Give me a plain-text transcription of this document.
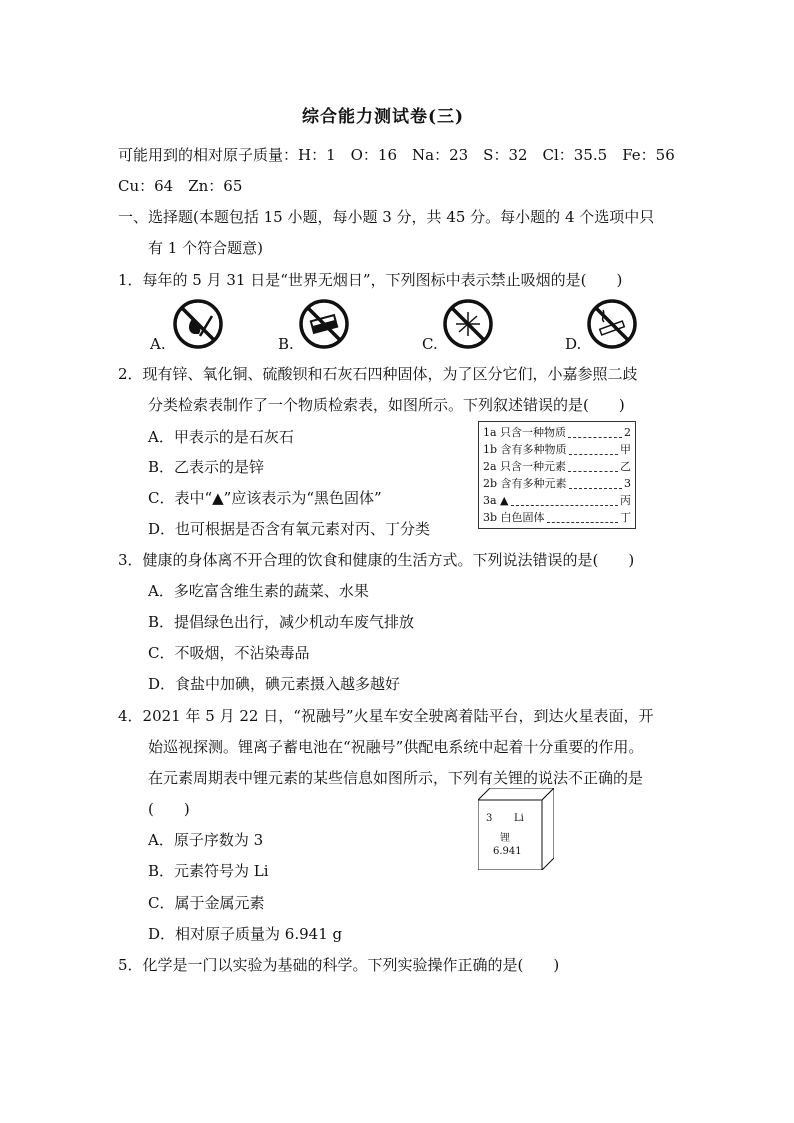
综合能力测试卷(三)
可能用到的相对原子质量：H：1　O：16　Na：23　S：32　Cl：35.5　Fe：56
Cu：64　Zn：65
一、选择题(本题包括 15 小题，每小题 3 分，共 45 分。每小题的 4 个选项中只
有 1 个符合题意)
1．每年的 5 月 31 日是“世界无烟日”，下列图标中表示禁止吸烟的是(　　)
A.	B.	C.	D.
2．现有锌、氧化铜、硫酸钡和石灰石四种固体，为了区分它们，小嘉参照二歧
分类检索表制作了一个物质检索表，如图所示。下列叙述错误的是(　　)
A．甲表示的是石灰石
B．乙表示的是锌
C．表中“▲”应该表示为“黑色固体”
D．也可根据是否含有氧元素对丙、丁分类
1a 只含一种物质	2
1b 含有多种物质	甲
2a 只含一种元素	乙
2b 含有多种元素	3
3a ▲	丙
3b 白色固体	丁
3．健康的身体离不开合理的饮食和健康的生活方式。下列说法错误的是(　　)
A．多吃富含维生素的蔬菜、水果
B．提倡绿色出行，减少机动车废气排放
C．不吸烟，不沾染毒品
D．食盐中加碘，碘元素摄入越多越好
4．2021 年 5 月 22 日，“祝融号”火星车安全驶离着陆平台，到达火星表面，开
始巡视探测。锂离子蓄电池在“祝融号”供配电系统中起着十分重要的作用。
在元素周期表中锂元素的某些信息如图所示，下列有关锂的说法不正确的是
(　　)
3 Li
锂
6.941
A．原子序数为 3
B．元素符号为 Li
C．属于金属元素
D．相对原子质量为 6.941 g
5．化学是一门以实验为基础的科学。下列实验操作正确的是(　　)
